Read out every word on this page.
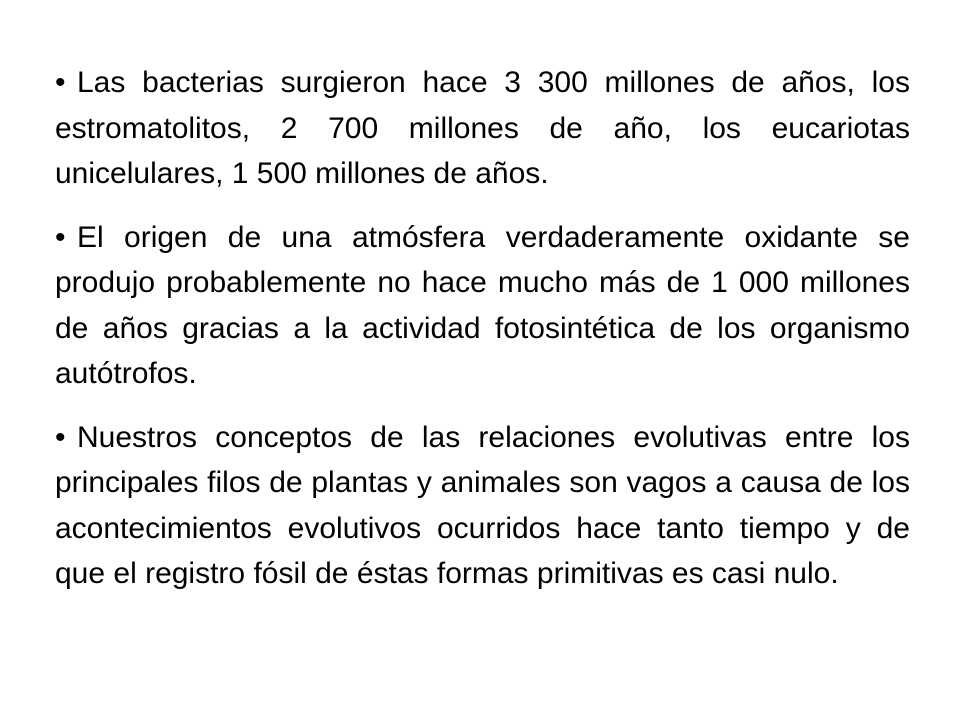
• Las bacterias surgieron hace 3 300 millones de años, los estromatolitos, 2 700 millones de año, los eucariotas unicelulares, 1 500 millones de años.
• El origen de una atmósfera verdaderamente oxidante se produjo probablemente no hace mucho más de 1 000 millones de años gracias a la actividad fotosintética de los organismo autótrofos.
• Nuestros conceptos de las relaciones evolutivas entre los principales filos de plantas y animales son vagos a causa de los acontecimientos evolutivos ocurridos hace tanto tiempo y de que el registro fósil de éstas formas primitivas es casi nulo.
